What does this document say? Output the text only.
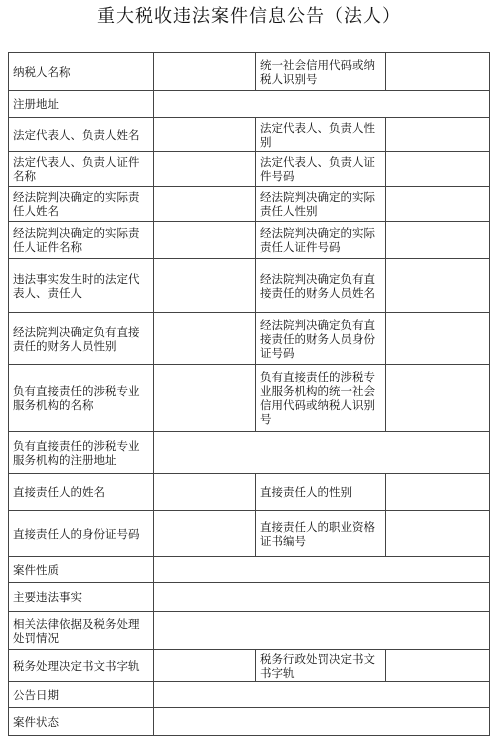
重大税收违法案件信息公告（法人）
纳税人名称		统一社会信用代码或纳税人识别号	
注册地址			
法定代表人、负责人姓名		法定代表人、负责人性别	
法定代表人、负责人证件名称		法定代表人、负责人证件号码	
经法院判决确定的实际责任人姓名		经法院判决确定的实际责任人性别	
经法院判决确定的实际责任人证件名称		经法院判决确定的实际责任人证件号码	
违法事实发生时的法定代表人、责任人		经法院判决确定负有直接责任的财务人员姓名	
经法院判决确定负有直接责任的财务人员性别		经法院判决确定负有直接责任的财务人员身份证号码	
负有直接责任的涉税专业服务机构的名称		负有直接责任的涉税专业服务机构的统一社会信用代码或纳税人识别号	
负有直接责任的涉税专业服务机构的注册地址			
直接责任人的姓名		直接责任人的性别	
直接责任人的身份证号码		直接责任人的职业资格证书编号	
案件性质			
主要违法事实			
相关法律依据及税务处理处罚情况			
税务处理决定书文书字轨		税务行政处罚决定书文书字轨	
公告日期			
案件状态			
